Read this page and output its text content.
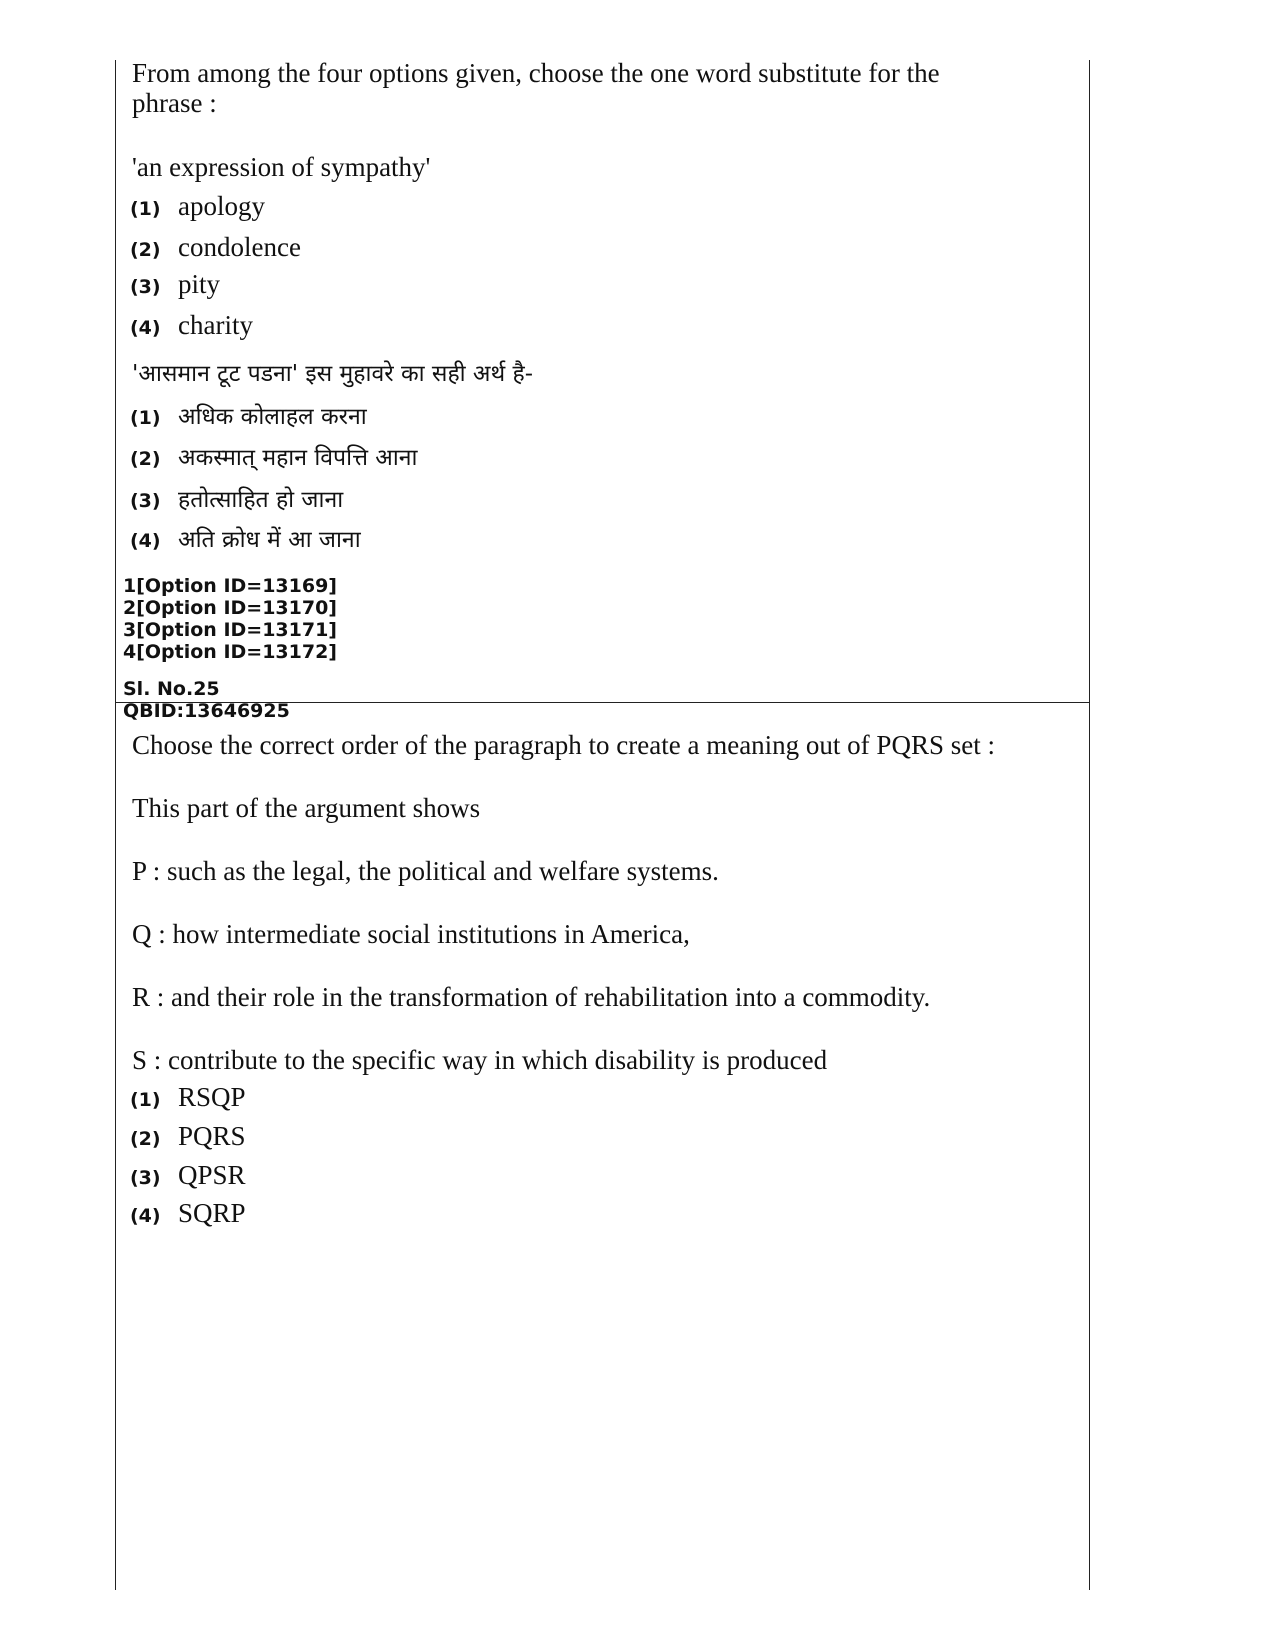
From among the four options given, choose the one word substitute for the
phrase :
'an expression of sympathy'
(1) apology
(2) condolence
(3) pity
(4) charity
'आसमान टूट पडना' इस मुहावरे का सही अर्थ है-
(1) अधिक कोलाहल करना
(2) अकस्मात् महान विपत्ति आना
(3) हतोत्साहित हो जाना
(4) अति क्रोध में आ जाना
1[Option ID=13169]
2[Option ID=13170]
3[Option ID=13171]
4[Option ID=13172]
Sl. No.25
QBID:13646925
Choose the correct order of the paragraph to create a meaning out of PQRS set :
This part of the argument shows
P : such as the legal, the political and welfare systems.
Q : how intermediate social institutions in America,
R : and their role in the transformation of rehabilitation into a commodity.
S : contribute to the specific way in which disability is produced
(1) RSQP
(2) PQRS
(3) QPSR
(4) SQRP
